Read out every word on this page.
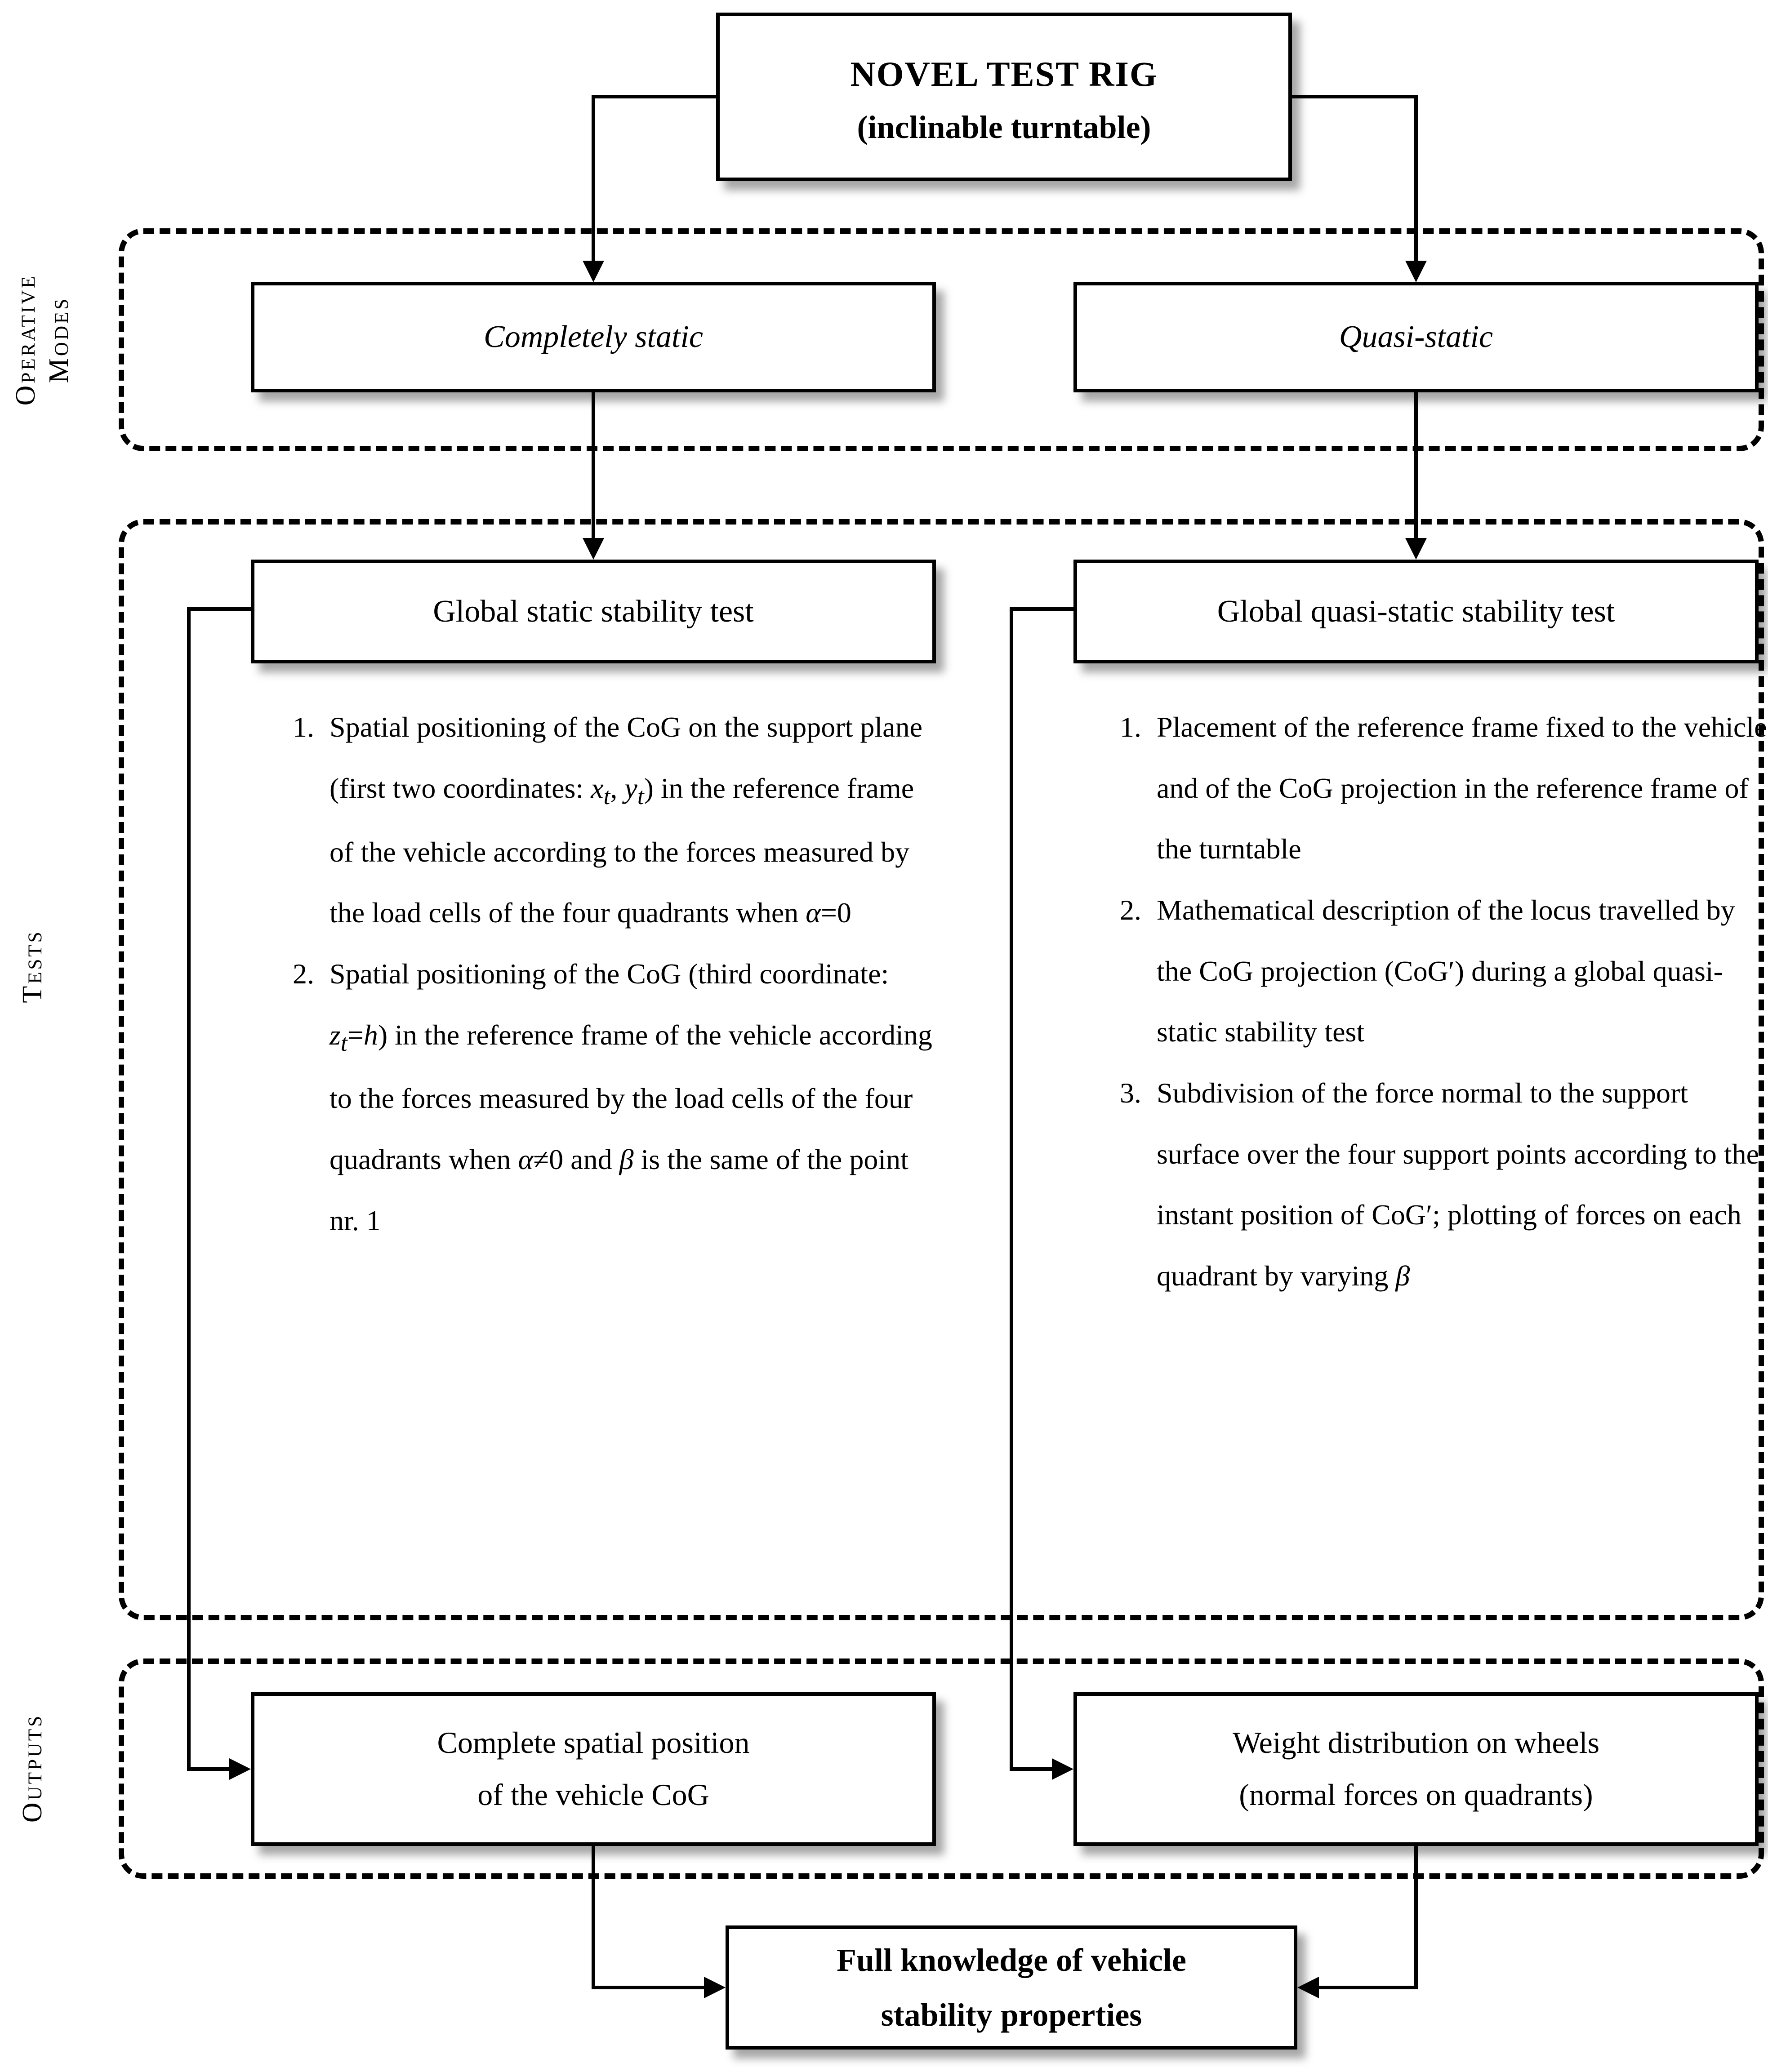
NOVEL TEST RIG
(inclinable turntable)
Operative Modes	Completely static	Quasi-static
Tests
Global static stability test	Global quasi-static stability test
1. Spatial positioning of the CoG on the support plane (first two coordinates: $x_t$, $y_t$) in the reference frame of the vehicle according to the forces measured by the load cells of the four quadrants when α=0
2. Spatial positioning of the CoG (third coordinate: $z_t=h$) in the reference frame of the vehicle according to the forces measured by the load cells of the four quadrants when α≠0 and β is the same of the point nr. 1
1. Placement of the reference frame fixed to the vehicle and of the CoG projection in the reference frame of the turntable
2. Mathematical description of the locus travelled by the CoG projection (CoG′) during a global quasi-static stability test
3. Subdivision of the force normal to the support surface over the four support points according to the instant position of CoG′; plotting of forces on each quadrant by varying β
Outputs	Complete spatial position
of the vehicle CoG
Weight distribution on wheels
(normal forces on quadrants)
Full knowledge of vehicle
stability properties
